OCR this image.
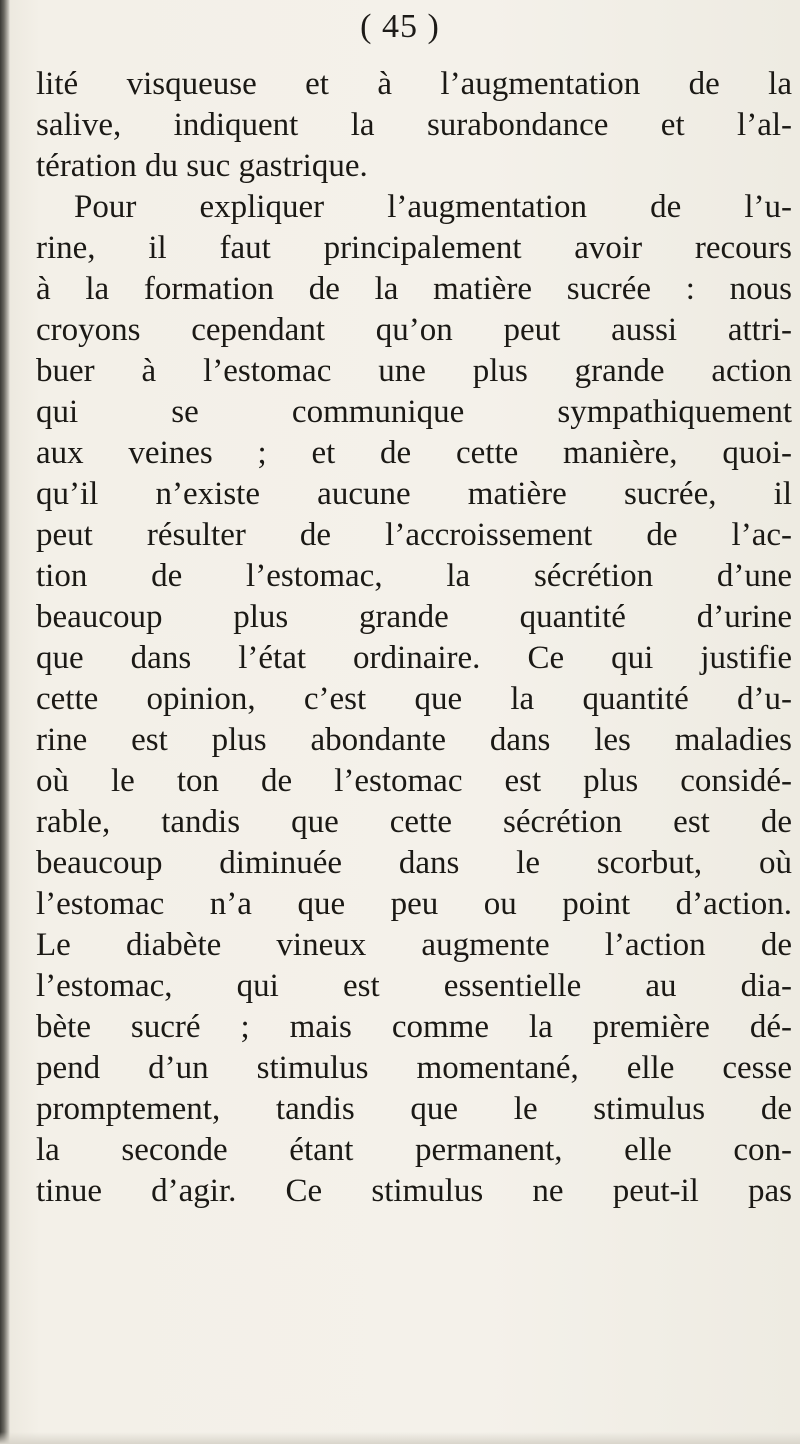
( 45 )
lité visqueuse et à l’augmentation de la
salive, indiquent la surabondance et l’al-
tération du suc gastrique.
Pour expliquer l’augmentation de l’u-
rine, il faut principalement avoir recours
à la formation de la matière sucrée : nous
croyons cependant qu’on peut aussi attri-
buer à l’estomac une plus grande action
qui se communique sympathiquement
aux veines ; et de cette manière, quoi-
qu’il n’existe aucune matière sucrée, il
peut résulter de l’accroissement de l’ac-
tion de l’estomac, la sécrétion d’une
beaucoup plus grande quantité d’urine
que dans l’état ordinaire. Ce qui justifie
cette opinion, c’est que la quantité d’u-
rine est plus abondante dans les maladies
où le ton de l’estomac est plus considé-
rable, tandis que cette sécrétion est de
beaucoup diminuée dans le scorbut, où
l’estomac n’a que peu ou point d’action.
Le diabète vineux augmente l’action de
l’estomac, qui est essentielle au dia-
bète sucré ; mais comme la première dé-
pend d’un stimulus momentané, elle cesse
promptement, tandis que le stimulus de
la seconde étant permanent, elle con-
tinue d’agir. Ce stimulus ne peut-il pas
